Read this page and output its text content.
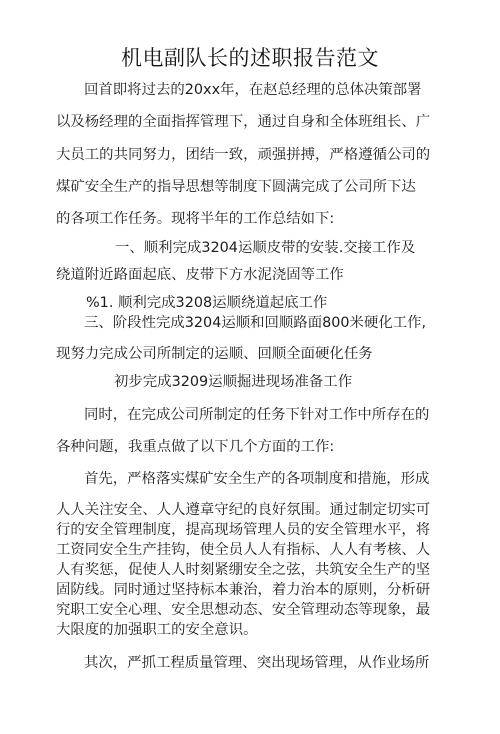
机电副队长的述职报告范文
回首即将过去的20xx年，在赵总经理的总体决策部署
以及杨经理的全面指挥管理下，通过自身和全体班组长、广
大员工的共同努力，团结一致，顽强拼搏，严格遵循公司的
煤矿安全生产的指导思想等制度下圆满完成了公司所下达
的各项工作任务。现将半年的工作总结如下:
一、顺利完成3204运顺皮带的安装.交接工作及
绕道附近路面起底、皮带下方水泥浇固等工作
%1. 顺利完成3208运顺绕道起底工作
三、阶段性完成3204运顺和回顺路面800米硬化工作,
现努力完成公司所制定的运顺、回顺全面硬化任务
初步完成3209运顺掘进现场准备工作
同时，在完成公司所制定的任务下针对工作中所存在的
各种问题，我重点做了以下几个方面的工作:
首先，严格落实煤矿安全生产的各项制度和措施，形成
人人关注安全、人人遵章守纪的良好氛围。通过制定切实可
行的安全管理制度，提高现场管理人员的安全管理水平，将
工资同安全生产挂钩，使全员人人有指标、人人有考核、人
人有奖惩，促使人人时刻紧绷安全之弦，共筑安全生产的坚
固防线。同时通过坚持标本兼治，着力治本的原则，分析研
究职工安全心理、安全思想动态、安全管理动态等现象，最
大限度的加强职工的安全意识。
其次，严抓工程质量管理、突出现场管理，从作业场所
